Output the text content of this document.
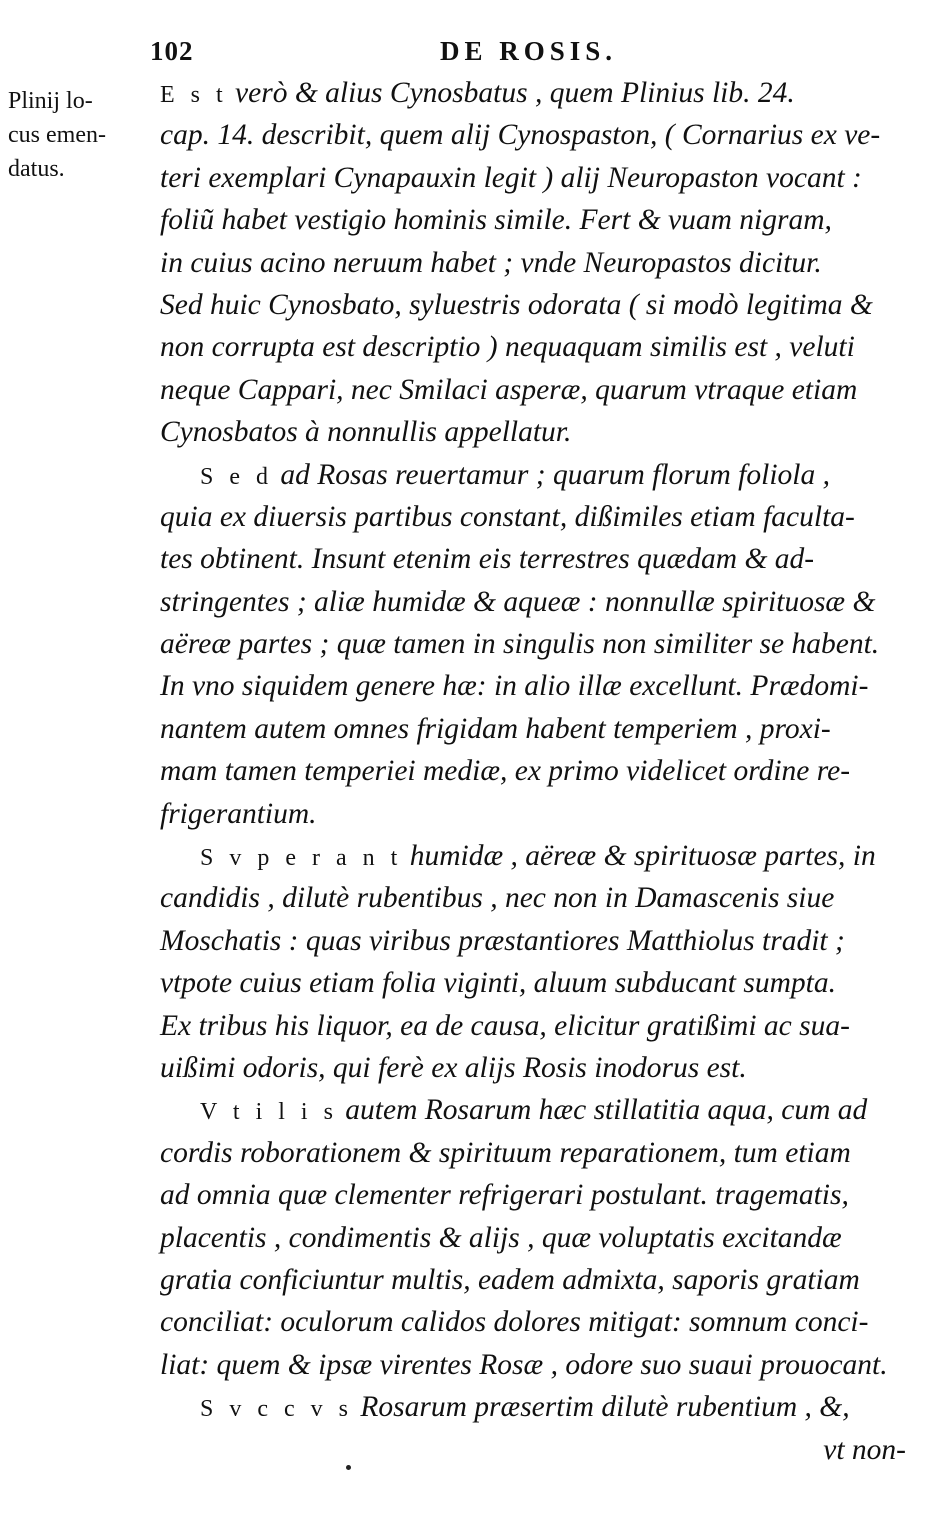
102	DE ROSIS.
Plinij lo-
cus emen-
datus.
E s t verò & alius Cynosbatus , quem Plinius lib. 24.
cap. 14. describit, quem alij Cynospaston, ( Cornarius ex ve-
teri exemplari Cynapauxin legit ) alij Neuropaston vocant :
foliũ habet vestigio hominis simile. Fert & vuam nigram,
in cuius acino neruum habet ; vnde Neuropastos dicitur.
Sed huic Cynosbato, syluestris odorata ( si modò legitima &
non corrupta est descriptio ) nequaquam similis est , veluti
neque Cappari, nec Smilaci asperæ, quarum vtraque etiam
Cynosbatos à nonnullis appellatur.
S e d ad Rosas reuertamur ; quarum florum foliola ,
quia ex diuersis partibus constant, dißimiles etiam faculta-
tes obtinent. Insunt etenim eis terrestres quædam & ad-
stringentes ; aliæ humidæ & aqueæ : nonnullæ spirituosæ &
aëreæ partes ; quæ tamen in singulis non similiter se habent.
In vno siquidem genere hæ: in alio illæ excellunt. Prædomi-
nantem autem omnes frigidam habent temperiem , proxi-
mam tamen temperiei mediæ, ex primo videlicet ordine re-
frigerantium.
S v p e r a n t humidæ , aëreæ & spirituosæ partes, in
candidis , dilutè rubentibus , nec non in Damascenis siue
Moschatis : quas viribus præstantiores Matthiolus tradit ;
vtpote cuius etiam folia viginti, aluum subducant sumpta.
Ex tribus his liquor, ea de causa, elicitur gratißimi ac sua-
uißimi odoris, qui ferè ex alijs Rosis inodorus est.
V t i l i s autem Rosarum hæc stillatitia aqua, cum ad
cordis roborationem & spirituum reparationem, tum etiam
ad omnia quæ clementer refrigerari postulant. tragematis,
placentis , condimentis & alijs , quæ voluptatis excitandæ
gratia conficiuntur multis, eadem admixta, saporis gratiam
conciliat: oculorum calidos dolores mitigat: somnum conci-
liat: quem & ipsæ virentes Rosæ , odore suo suaui prouocant.
S v c c v s Rosarum præsertim dilutè rubentium , &,
vt non-
